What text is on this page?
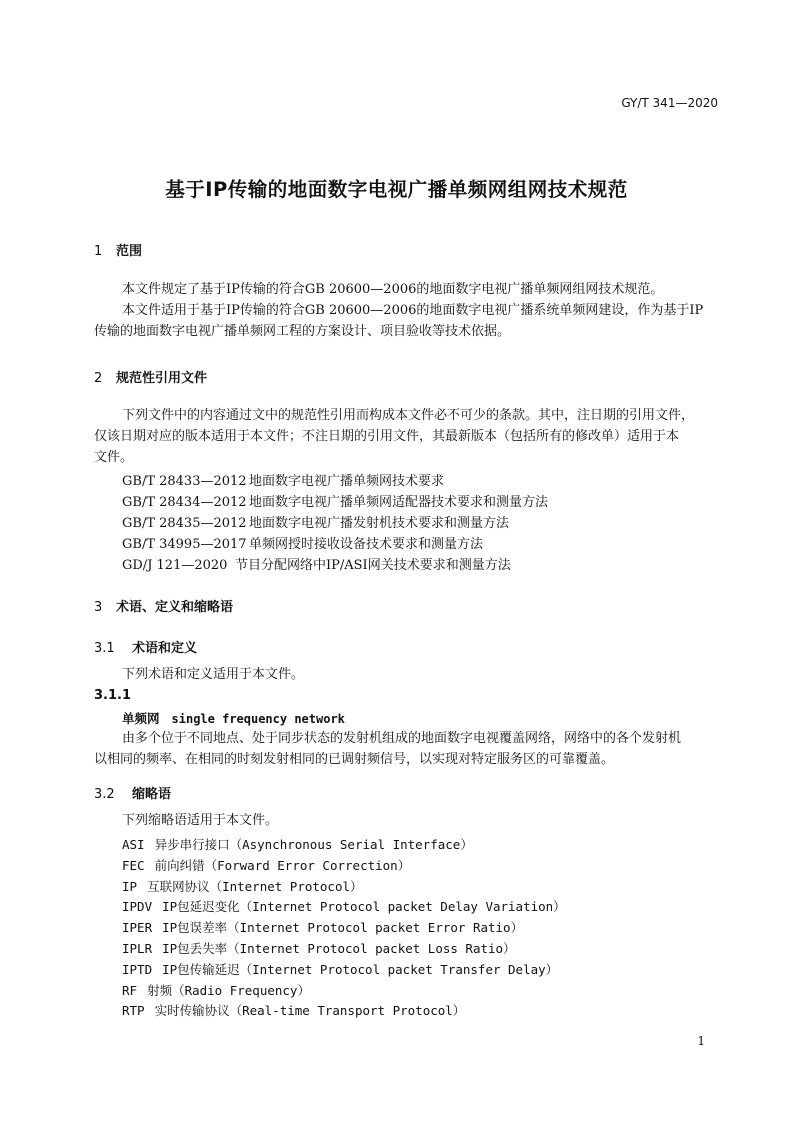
GY/T 341—2020
基于IP传输的地面数字电视广播单频网组网技术规范
1 范围
本文件规定了基于IP传输的符合GB 20600—2006的地面数字电视广播单频网组网技术规范。
本文件适用于基于IP传输的符合GB 20600—2006的地面数字电视广播系统单频网建设，作为基于IP
传输的地面数字电视广播单频网工程的方案设计、项目验收等技术依据。
2 规范性引用文件
下列文件中的内容通过文中的规范性引用而构成本文件必不可少的条款。其中，注日期的引用文件，
仅该日期对应的版本适用于本文件；不注日期的引用文件，其最新版本（包括所有的修改单）适用于本
文件。
GB/T 28433—2012 地面数字电视广播单频网技术要求
GB/T 28434—2012 地面数字电视广播单频网适配器技术要求和测量方法
GB/T 28435—2012 地面数字电视广播发射机技术要求和测量方法
GB/T 34995—2017 单频网授时接收设备技术要求和测量方法
GD/J 121—2020 节目分配网络中IP/ASI网关技术要求和测量方法
3 术语、定义和缩略语
3.1 术语和定义
下列术语和定义适用于本文件。
3.1.1
单频网 single frequency network
由多个位于不同地点、处于同步状态的发射机组成的地面数字电视覆盖网络，网络中的各个发射机
以相同的频率、在相同的时刻发射相同的已调射频信号，以实现对特定服务区的可靠覆盖。
3.2 缩略语
下列缩略语适用于本文件。
ASI 异步串行接口（Asynchronous Serial Interface）
FEC 前向纠错（Forward Error Correction）
IP 互联网协议（Internet Protocol）
IPDV IP包延迟变化（Internet Protocol packet Delay Variation）
IPER IP包误差率（Internet Protocol packet Error Ratio）
IPLR IP包丢失率（Internet Protocol packet Loss Ratio）
IPTD IP包传输延迟（Internet Protocol packet Transfer Delay）
RF 射频（Radio Frequency）
RTP 实时传输协议（Real-time Transport Protocol）
1
